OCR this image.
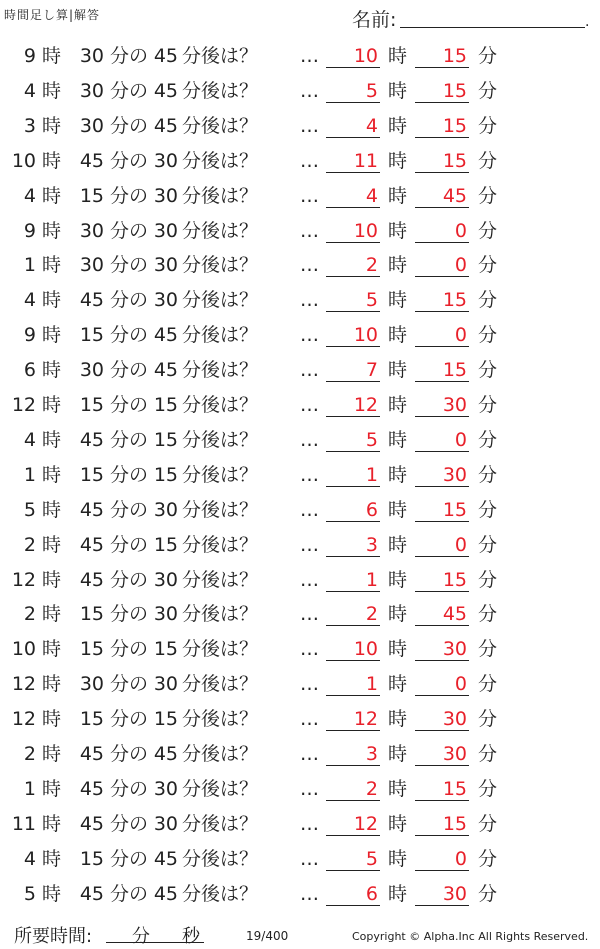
時間足し算|解答	名前:	.
9 時 30 分の 45 分後は？ …	10 時	15 分
4 時 30 分の 45 分後は？ …	5 時	15 分
3 時 30 分の 45 分後は？ …	4 時	15 分
10 時 45 分の 30 分後は？ …	11 時	15 分
4 時 15 分の 30 分後は？ …	4 時	45 分
9 時 30 分の 30 分後は？ …	10 時	0 分
1 時 30 分の 30 分後は？ …	2 時	0 分
4 時 45 分の 30 分後は？ …	5 時	15 分
9 時 15 分の 45 分後は？ …	10 時	0 分
6 時 30 分の 45 分後は？ …	7 時	15 分
12 時 15 分の 15 分後は？ …	12 時	30 分
4 時 45 分の 15 分後は？ …	5 時	0 分
1 時 15 分の 15 分後は？ …	1 時	30 分
5 時 45 分の 30 分後は？ …	6 時	15 分
2 時 45 分の 15 分後は？ …	3 時	0 分
12 時 45 分の 30 分後は？ …	1 時	15 分
2 時 15 分の 30 分後は？ …	2 時	45 分
10 時 15 分の 15 分後は？ …	10 時	30 分
12 時 30 分の 30 分後は？ …	1 時	0 分
12 時 15 分の 15 分後は？ …	12 時	30 分
2 時 45 分の 45 分後は？ …	3 時	30 分
1 時 45 分の 30 分後は？ …	2 時	15 分
11 時 45 分の 30 分後は？ …	12 時	15 分
4 時 15 分の 45 分後は？ …	5 時	0 分
5 時 45 分の 45 分後は？ …	6 時	30 分
所要時間: 分 秒	19/400	Copyright © Alpha.Inc All Rights Reserved.
